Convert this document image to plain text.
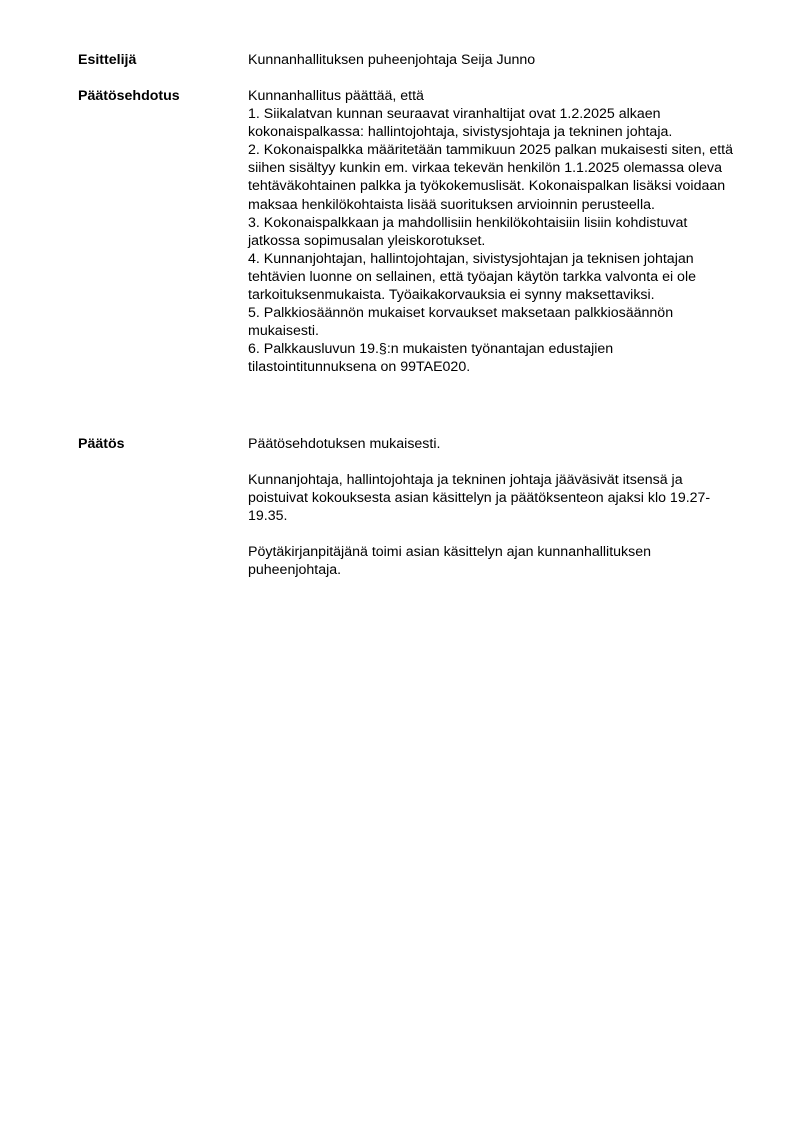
Esittelijä	Kunnanhallituksen puheenjohtaja Seija Junno

Päätösehdotus	Kunnanhallitus päättää, että

1. Siikalatvan kunnan seuraavat viranhaltijat ovat 1.2.2025 alkaen kokonaispalkassa: hallintojohtaja, sivistysjohtaja ja tekninen johtaja.

2. Kokonaispalkka määritetään tammikuun 2025 palkan mukaisesti siten, että siihen sisältyy kunkin em. virkaa tekevän henkilön 1.1.2025 olemassa oleva tehtäväkohtainen palkka ja työkokemuslisät. Kokonaispalkan lisäksi voidaan maksaa henkilökohtaista lisää suorituksen arvioinnin perusteella.

3. Kokonaispalkkaan ja mahdollisiin henkilökohtaisiin lisiin kohdistuvat jatkossa sopimusalan yleiskorotukset.

4. Kunnanjohtajan, hallintojohtajan, sivistysjohtajan ja teknisen johtajan tehtävien luonne on sellainen, että työajan käytön tarkka valvonta ei ole tarkoituksenmukaista. Työaikakorvauksia ei synny maksettaviksi.

5. Palkkiosäännön mukaiset korvaukset maksetaan palkkiosäännön mukaisesti.

6. Palkkausluvun 19.§:n mukaisten työnantajan edustajien tilastointitunnuksena on 99TAE020.

Päätös	Päätösehdotuksen mukaisesti.

Kunnanjohtaja, hallintojohtaja ja tekninen johtaja jääväsivät itsensä ja poistuivat kokouksesta asian käsittelyn ja päätöksenteon ajaksi klo 19.27-19.35.

Pöytäkirjanpitäjänä toimi asian käsittelyn ajan kunnanhallituksen puheenjohtaja.
